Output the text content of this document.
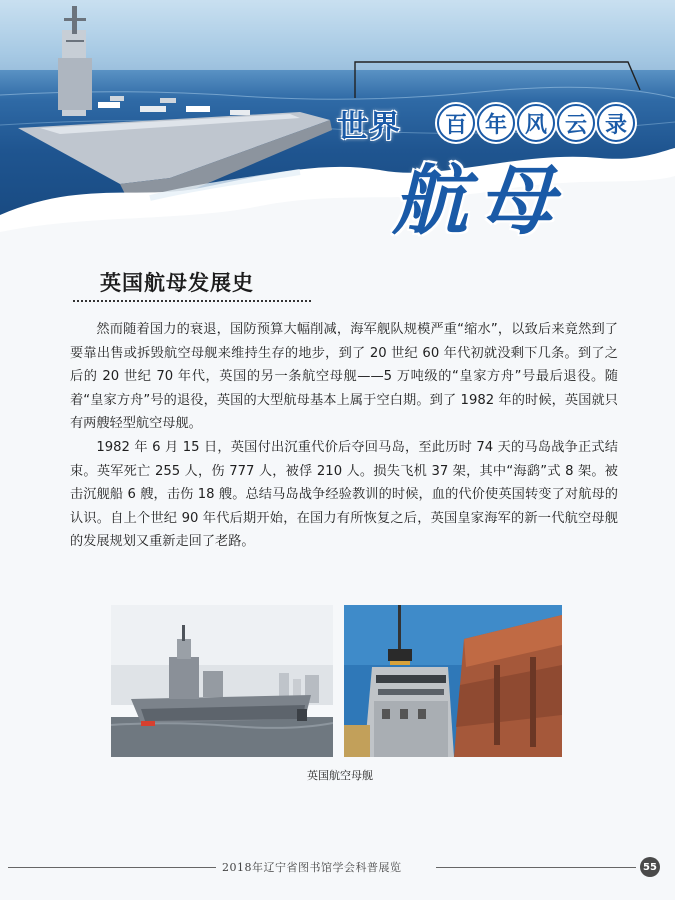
世界	百 年 风 云 录
航母
英国航母发展史

然而随着国力的衰退，国防预算大幅削减，海军舰队规模严重“缩水”，以致后来竟然到了要靠出售或拆毁航空母舰来维持生存的地步，到了 20 世纪 60 年代初就没剩下几条。到了之后的 20 世纪 70 年代，英国的另一条航空母舰——5 万吨级的“皇家方舟”号最后退役。随着“皇家方舟”号的退役，英国的大型航母基本上属于空白期。到了 1982 年的时候，英国就只有两艘轻型航空母舰。

1982 年 6 月 15 日，英国付出沉重代价后夺回马岛，至此历时 74 天的马岛战争正式结束。英军死亡 255 人，伤 777 人，被俘 210 人。损失飞机 37 架，其中“海鹞”式 8 架。被击沉舰船 6 艘，击伤 18 艘。总结马岛战争经验教训的时候，血的代价使英国转变了对航母的认识。自上个世纪 90 年代后期开始，在国力有所恢复之后，英国皇家海军的新一代航空母舰的发展规划又重新走回了老路。

英国航空母舰
2018年辽宁省图书馆学会科普展览	55
